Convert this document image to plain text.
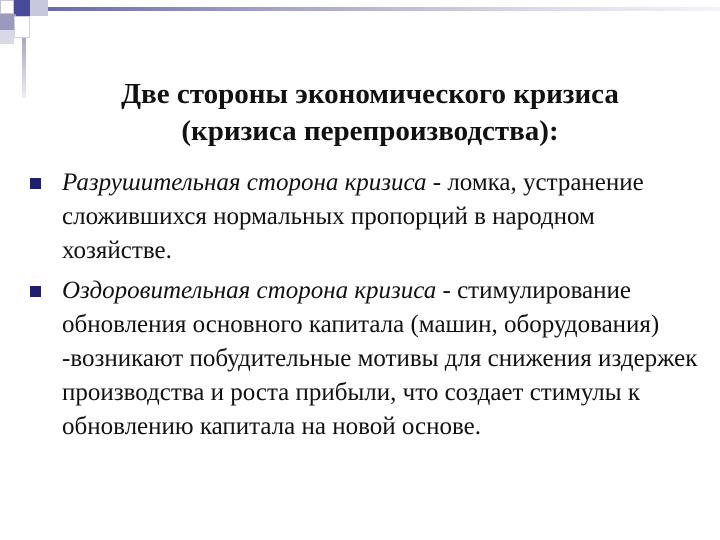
Две стороны экономического кризиса
(кризиса перепроизводства):
Разрушительная сторона кризиса - ломка, устранение сложившихся нормальных пропорций в народном хозяйстве.
Оздоровительная сторона кризиса - стимулирование обновления основного капитала (машин, оборудования) -возникают побудительные мотивы для снижения издержек производства и роста прибыли, что создает стимулы к обновлению капитала на новой основе.
